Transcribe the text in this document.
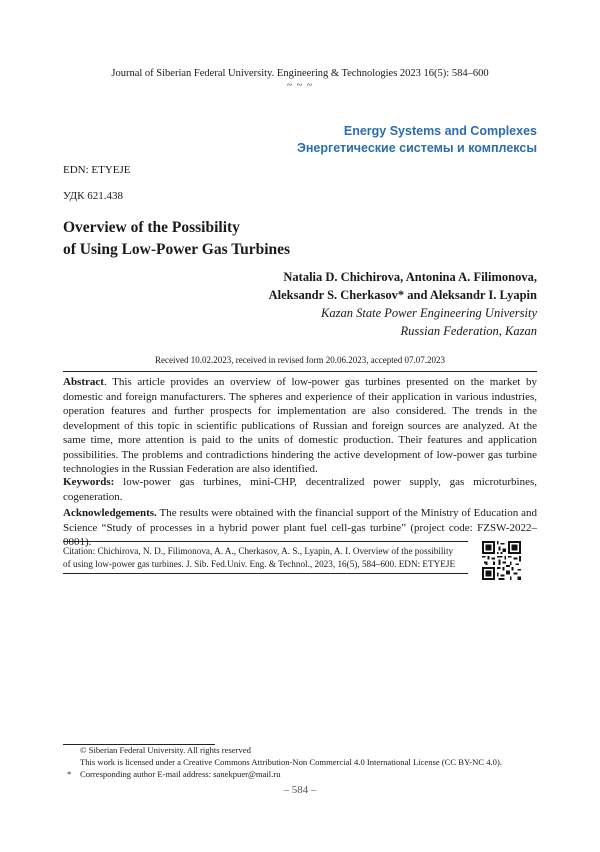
Journal of Siberian Federal University. Engineering & Technologies 2023 16(5): 584–600
~ ~ ~
Energy Systems and Complexes
Энергетические системы и комплексы
EDN: ETYEJE
УДК 621.438
Overview of the Possibility
of Using Low-Power Gas Turbines
Natalia D. Chichirova, Antonina A. Filimonova,
Aleksandr S. Cherkasov* and Aleksandr I. Lyapin
Kazan State Power Engineering University
Russian Federation, Kazan
Received 10.02.2023, received in revised form 20.06.2023, accepted 07.07.2023
Abstract. This article provides an overview of low-power gas turbines presented on the market by domestic and foreign manufacturers. The spheres and experience of their application in various industries, operation features and further prospects for implementation are also considered. The trends in the development of this topic in scientific publications of Russian and foreign sources are analyzed. At the same time, more attention is paid to the units of domestic production. Their features and application possibilities. The problems and contradictions hindering the active development of low-power gas turbine technologies in the Russian Federation are also identified.
Keywords: low-power gas turbines, mini-CHP, decentralized power supply, gas microturbines, cogeneration.
Acknowledgements. The results were obtained with the financial support of the Ministry of Education and Science “Study of processes in a hybrid power plant fuel cell-gas turbine” (project code: FZSW-2022–0001).
Citation: Chichirova, N. D., Filimonova, A. A., Cherkasov, A. S., Lyapin, A. I. Overview of the possibility of using low-power gas turbines. J. Sib. Fed.Univ. Eng. & Technol., 2023, 16(5), 584–600. EDN: ETYEJE
© Siberian Federal University. All rights reserved
This work is licensed under a Creative Commons Attribution-Non Commercial 4.0 International License (CC BY-NC 4.0).
* Corresponding author E-mail address: sanekpuer@mail.ru
– 584 –
